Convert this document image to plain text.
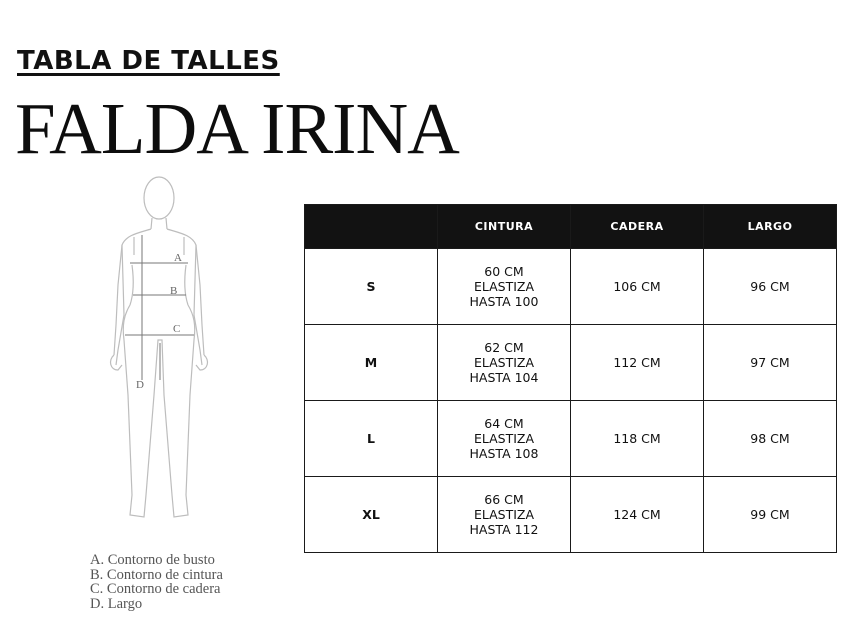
TABLA DE TALLES
FALDA IRINA
A
B
C
D
A. Contorno de busto
B. Contorno de cintura
C. Contorno de cadera
D. Largo
	CINTURA	CADERA	LARGO
S	60 CM
ELASTIZA
HASTA 100	106 CM	96 CM
M	62 CM
ELASTIZA
HASTA 104	112 CM	97 CM
L	64 CM
ELASTIZA
HASTA 108	118 CM	98 CM
XL	66 CM
ELASTIZA
HASTA 112	124 CM	99 CM
